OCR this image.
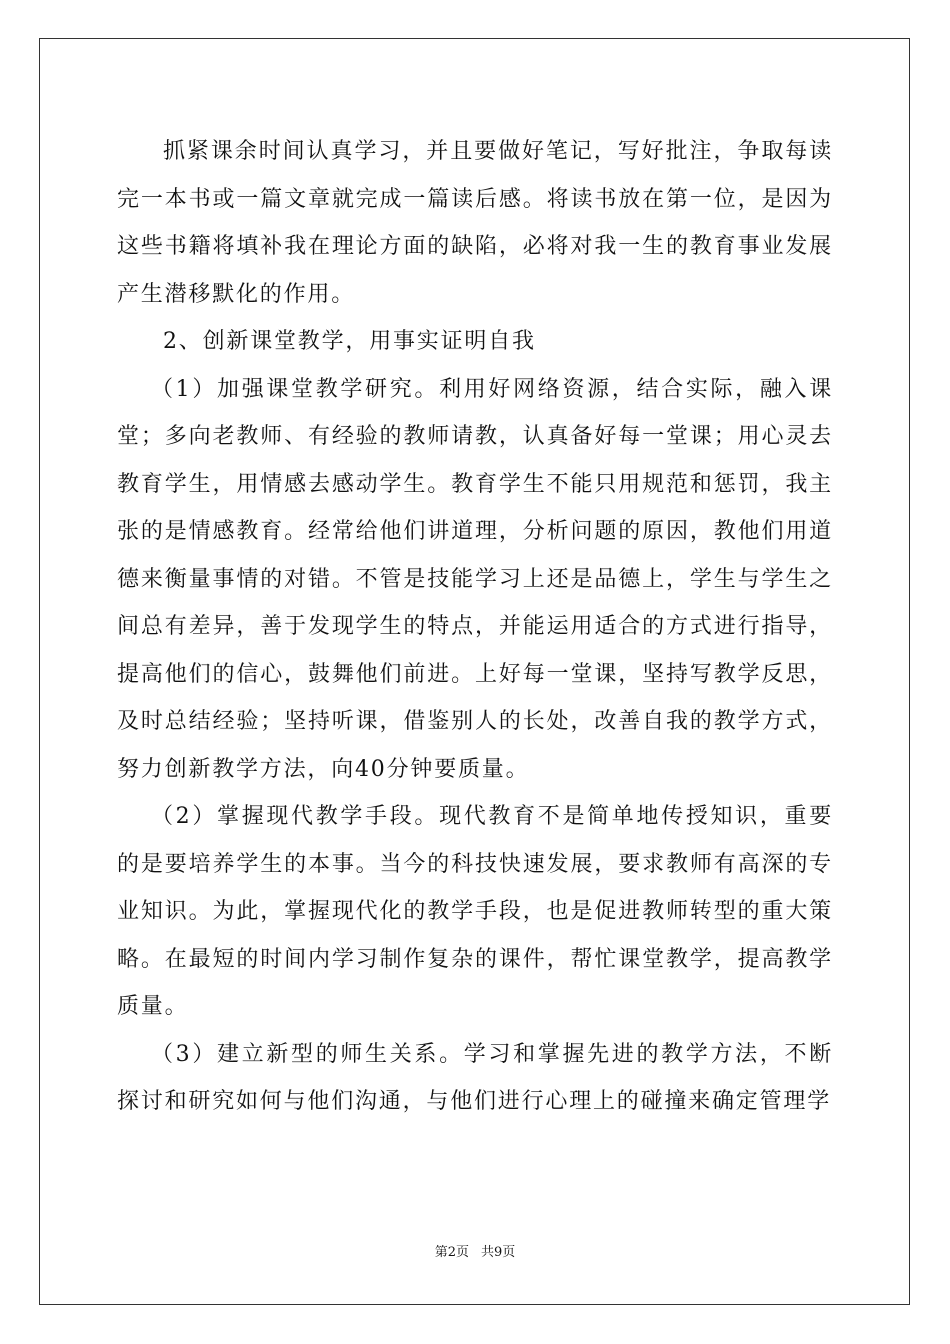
抓紧课余时间认真学习，并且要做好笔记，写好批注，争取每读完一本书或一篇文章就完成一篇读后感。将读书放在第一位，是因为这些书籍将填补我在理论方面的缺陷，必将对我一生的教育事业发展产生潜移默化的作用。

2、创新课堂教学，用事实证明自我

（1）加强课堂教学研究。利用好网络资源，结合实际，融入课堂；多向老教师、有经验的教师请教，认真备好每一堂课；用心灵去教育学生，用情感去感动学生。教育学生不能只用规范和惩罚，我主张的是情感教育。经常给他们讲道理，分析问题的原因，教他们用道德来衡量事情的对错。不管是技能学习上还是品德上，学生与学生之间总有差异，善于发现学生的特点，并能运用适合的方式进行指导，提高他们的信心，鼓舞他们前进。上好每一堂课，坚持写教学反思，及时总结经验；坚持听课，借鉴别人的长处，改善自我的教学方式，努力创新教学方法，向40分钟要质量。

（2）掌握现代教学手段。现代教育不是简单地传授知识，重要的是要培养学生的本事。当今的科技快速发展，要求教师有高深的专业知识。为此，掌握现代化的教学手段，也是促进教师转型的重大策略。在最短的时间内学习制作复杂的课件，帮忙课堂教学，提高教学质量。

（3）建立新型的师生关系。学习和掌握先进的教学方法，不断探讨和研究如何与他们沟通，与他们进行心理上的碰撞来确定管理学

第2页 共9页
